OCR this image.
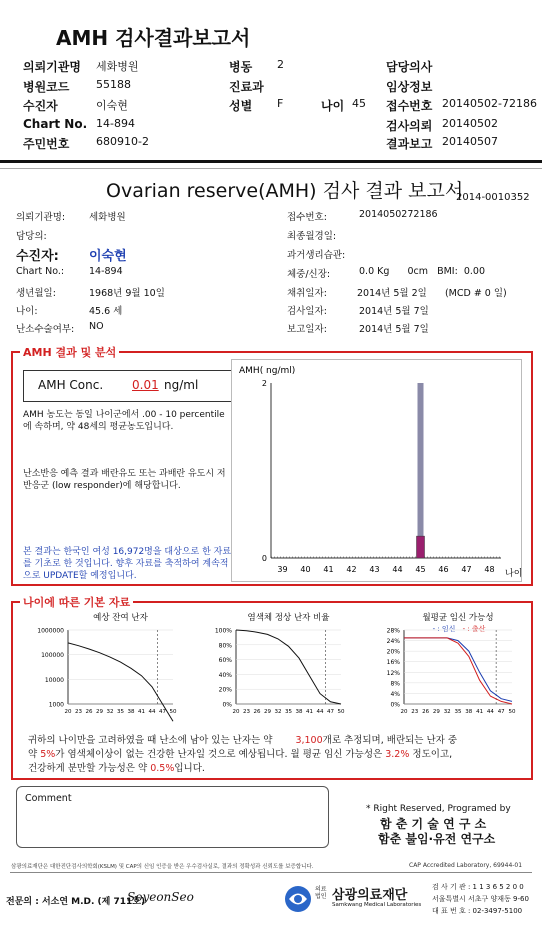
AMH 검사결과보고서
의뢰기관명 세화병원	병동 2	담당의사
병원코드 55188	진료과	임상정보
수진자	이숙현	성별 F	나이 45 접수번호 20140502-72186
Chart No. 14-894	검사의뢰 20140502
주민번호 680910-2	결과보고 20140507
Ovarian reserve(AMH) 검사 결과 보고서
2014-0010352
의뢰기관명:	세화병원
담당의:
수진자: 이숙현
Chart No.:	14-894
생년월일:	1968년 9월 10일
나이:	45.6 세
난소수술여부: NO
접수번호:	2014050272186
최종월경일:
과거생리습관:
체중/신장:	0.0 Kg      0cm   BMI:  0.00
채취일자:	2014년 5월 2일      (MCD # 0 일)
검사일자:	2014년 5월 7일
보고일자:	2014년 5월 7일
AMH 결과 및 분석
AMH Conc. 0.01 ng/ml
AMH 농도는 동일 나이군에서 .00 - 10 percentile에 속하며, 약 48세의 평균농도입니다.
난소반응 예측 결과 배란유도 또는 과배란 유도시 저반응군 (low responder)에 해당합니다.
본 결과는 한국인 여성 16,972명을 대상으로 한 자료를 기초로 한 것입니다. 향후 자료를 축적하여 계속적으로 UPDATE할 예정입니다.
AMH( ng/ml)
0
2
39 40 41 42 43 44 45 46 47 48 나이
나이에 따른 기본 자료
예상 잔여 난자
1000
10000
100000
1000000
20 23 26 29 32 35 38 41 44 47 50
염색체 정상 난자 비율
0%
20%
40%
60%
80%
100%
20 23 26 29 32 35 38 41 44 47 50
월평균 임신 가능성
- : 임신 - : 출산
0%
4%
8%
12%
16%
20%
24%
28%
20 23 26 29 32 35 38 41 44 47 50
귀하의 나이만을 고려하였을 때 난소에 남아 있는 난자는 약 3,100개로 추정되며, 배란되는 난자 중
약 5%가 염색체이상이 없는 건강한 난자일 것으로 예상됩니다. 월 평균 임신 가능성은 3.2% 정도이고,
건강하게 분만할 가능성은 약 0.5%입니다.
Comment
* Right Reserved, Programed by
함 춘 기 술 연 구 소
함춘 불임·유전 연구소
삼광의료재단은 대한진단검사의학회(KSLM) 및 CAP의 신임 인증을 받은 우수검사실로, 결과의 정확성과 신뢰도를 보증합니다.	CAP Accredited Laboratory, 69944-01
전문의 : 서소연 M.D. (제 711호)
SoyeonSeo
의료법인 삼광의료재단
Samkwang Medical Laboratories
검 사 기 관 : 1 1 3 6 5 2 0 0
서울특별시 서초구 양재동 9-60
대 표 번 호 : 02-3497-5100
